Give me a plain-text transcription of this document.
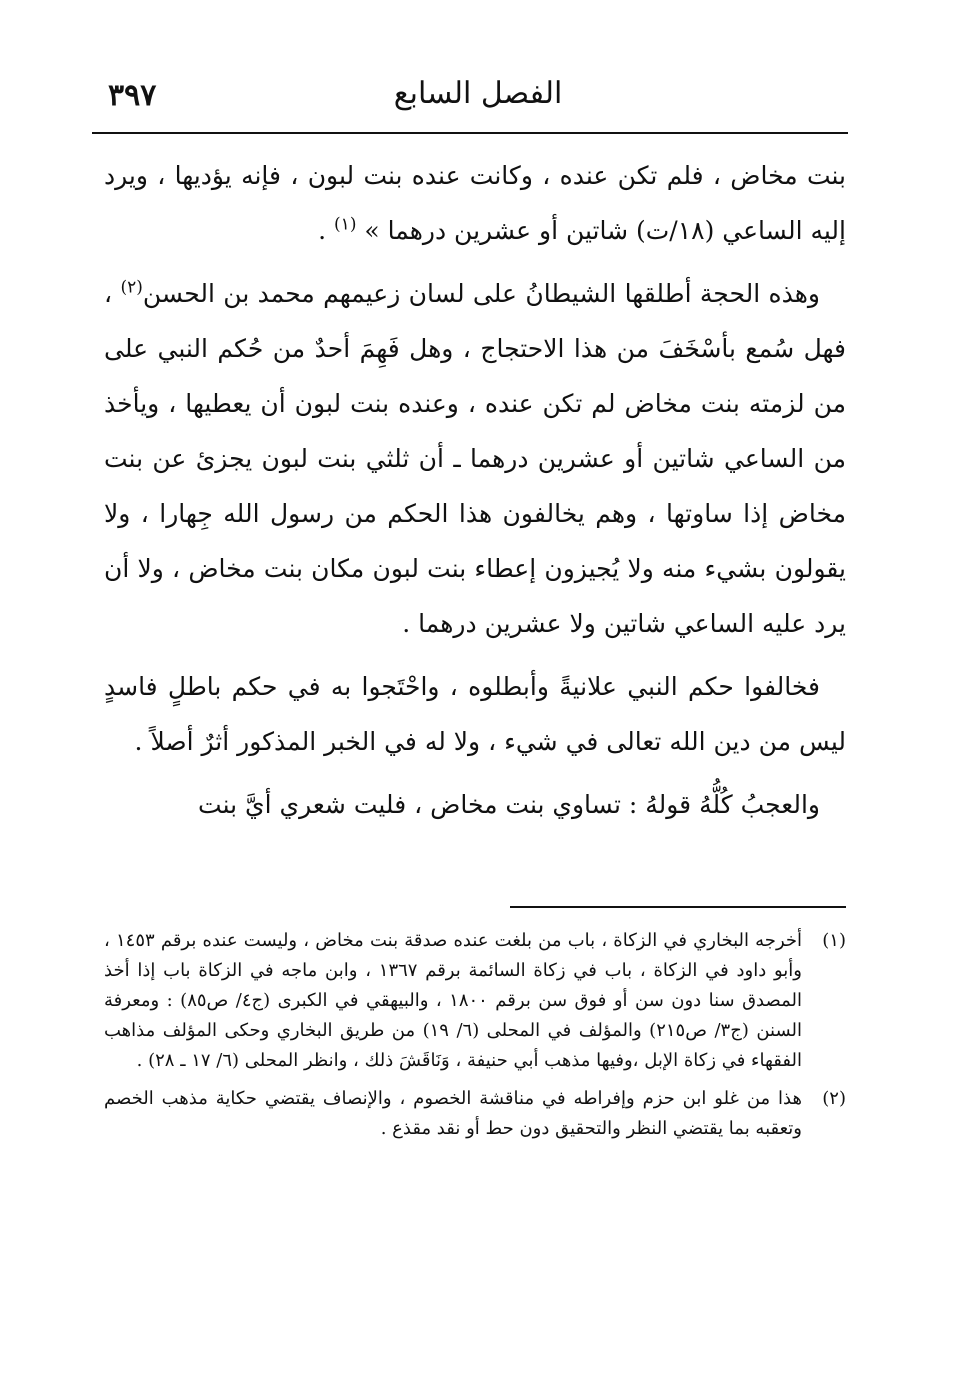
الفصل السابع
٣٩٧

بنت مخاض ، فلم تكن عنده ، وكانت عنده بنت لبون ، فإنه يؤديها ، ويرد إليه الساعي (١٨/ت) شاتين أو عشرين درهما » $^{(١)}$ .

وهذه الحجة أطلقها الشيطانُ على لسان زعيمهم محمد بن الحسن$^{(٢)}$ ، فهل سُمع بأسْخَفَ من هذا الاحتجاج ، وهل فَهِمَ أحدٌ من حُكم النبي على من لزمته بنت مخاض لم تكن عنده ، وعنده بنت لبون أن يعطيها ، ويأخذ من الساعي شاتين أو عشرين درهما ـ أن ثلثي بنت لبون يجزئ عن بنت مخاض إذا ساوتها ، وهم يخالفون هذا الحكم من رسول الله جِهارا ، ولا يقولون بشيء منه ولا يُجيزون إعطاء بنت لبون مكان بنت مخاض ، ولا أن يرد عليه الساعي شاتين ولا عشرين درهما .

فخالفوا حكم النبي علانيةً وأبطلوه ، واحْتَجوا به في حكم باطلٍ فاسدٍ ليس من دين الله تعالى في شيء ، ولا له في الخبر المذكور أثرٌ أصلاً .

والعجبُ كُلُّهُ قولهُ : تساوي بنت مخاض ، فليت شعري أيَّ بنت

(١)
أخرجه البخاري في الزكاة ، باب من بلغت عنده صدقة بنت مخاض ، وليست عنده برقم ١٤٥٣ ، وأبو داود في الزكاة ، باب في زكاة السائمة برقم ١٣٦٧ ، وابن ماجه في الزكاة باب إذا أخذ المصدق سنا دون سن أو فوق سن برقم ١٨٠٠ ، والبيهقي في الكبرى (ج٤/ ص٨٥) : ومعرفة السنن (ج٣/ ص٢١٥) والمؤلف في المحلى (٦/ ١٩) من طريق البخاري وحكى المؤلف مذاهب الفقهاء في زكاة الإبل ،وفيها مذهب أبي حنيفة ، وَنَاقَشَ ذلك ، وانظر المحلى (٦/ ١٧ ـ ٢٨) .
(٢)
هذا من غلو ابن حزم وإفراطه في مناقشة الخصوم ، والإنصاف يقتضي حكاية مذهب الخصم وتعقبه بما يقتضي النظر والتحقيق دون حط أو نقد مقذع .
